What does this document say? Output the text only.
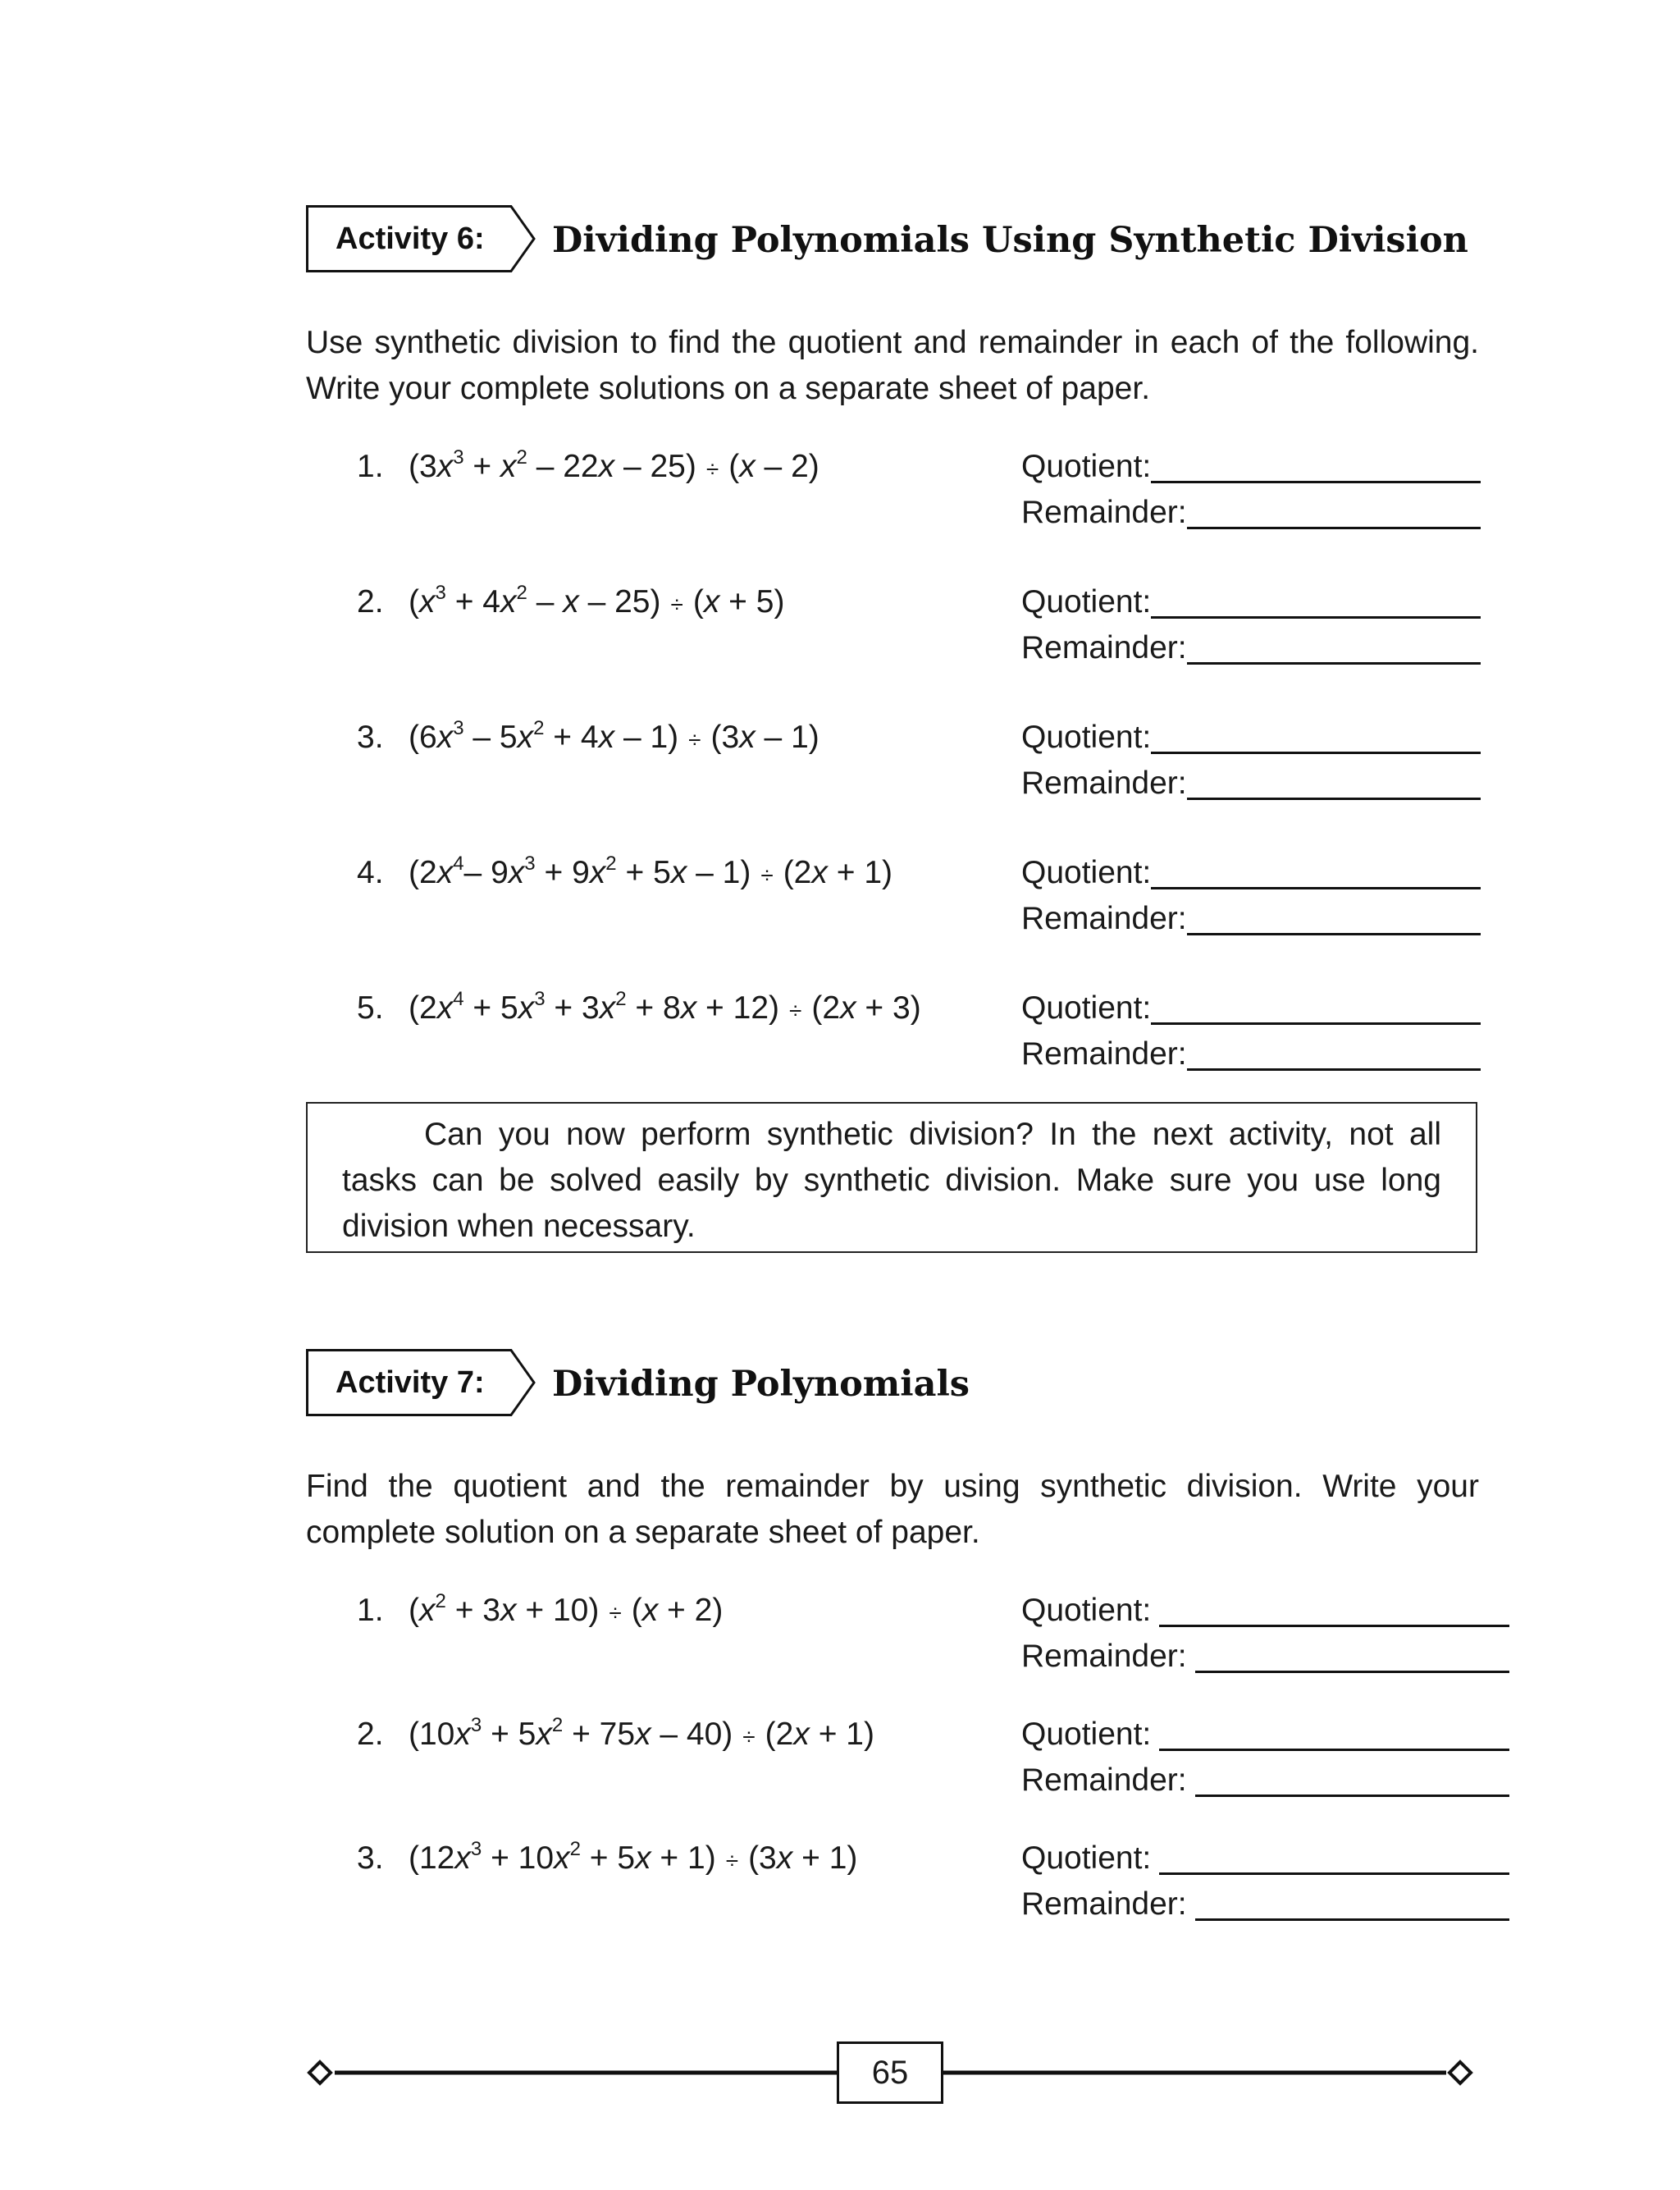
Activity 6: Dividing Polynomials Using Synthetic Division

Use synthetic division to find the quotient and remainder in each of the following. Write your complete solutions on a separate sheet of paper.

1. $(3x^3 + x^2 - 22x - 25) \div (x - 2)$	Quotient:
Remainder:
2. $(x^3 + 4x^2 - x - 25) \div (x + 5)$	Quotient:
Remainder:
3. $(6x^3 - 5x^2 + 4x - 1) \div (3x - 1)$	Quotient:
Remainder:
4. ($2x^4-$ $9x^3 + 9x^2 + 5x - 1) \div (2x + 1)$	Quotient:
Remainder:
5. $(2x^4 + 5x^3 + 3x^2 + 8x + 12) \div (2x + 3)$	Quotient:
Remainder:
Can you now perform synthetic division? In the next activity, not all tasks can be solved easily by synthetic division. Make sure you use long division when necessary.
Activity 7: Dividing Polynomials

Find the quotient and the remainder by using synthetic division. Write your complete solution on a separate sheet of paper.

1. $(x^2 + 3x + 10) \div (x + 2)$	Quotient:
Remainder:
2. $(10x^3 + 5x^2 + 75x - 40) \div (2x + 1)$	Quotient:
Remainder:
3. $(12x^3 + 10x^2 + 5x + 1) \div (3x + 1)$	Quotient:
Remainder:
65
